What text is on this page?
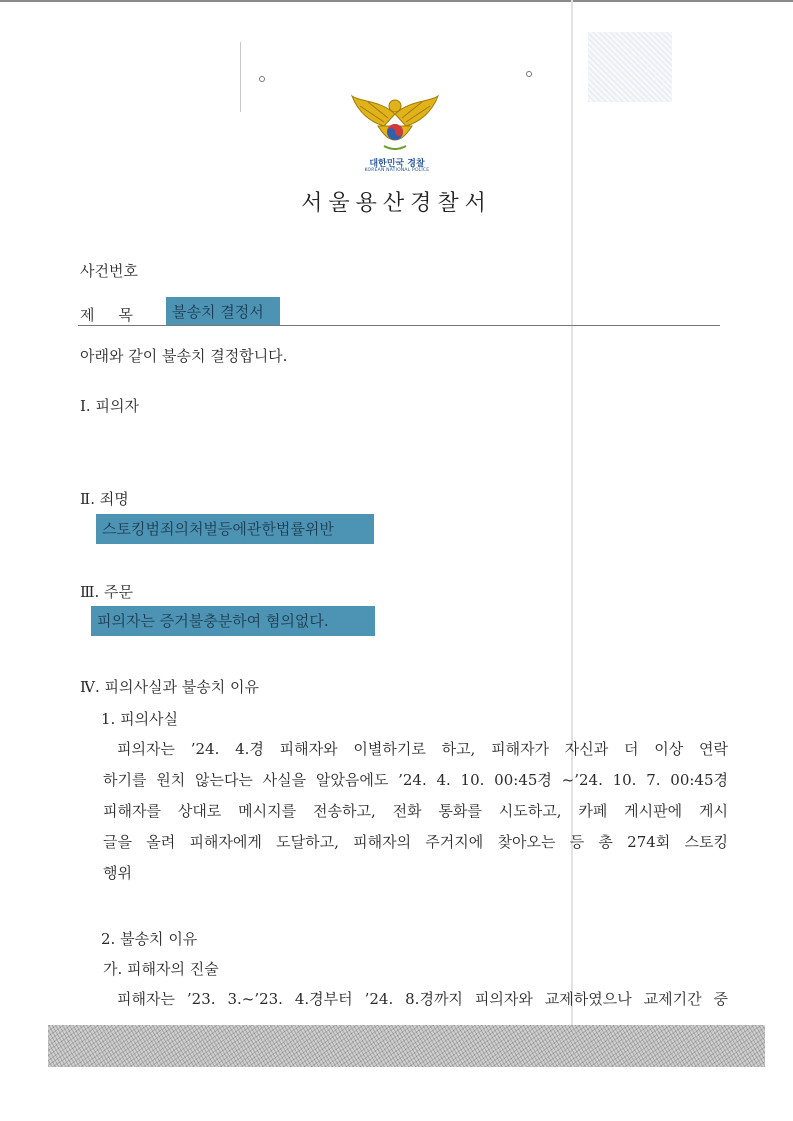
대한민국 경찰
KOREAN NATIONAL POLICE
서울용산경찰서
사건번호
제     목	불송치 결정서
아래와 같이 불송치 결정합니다.
Ⅰ. 피의자
Ⅱ. 죄명
스토킹범죄의처벌등에관한법률위반
Ⅲ. 주문
피의자는 증거불충분하여 혐의없다.
Ⅳ. 피의사실과 불송치 이유
1. 피의사실
피의자는 ’24. 4.경 피해자와 이별하기로 하고, 피해자가 자신과 더 이상 연락
하기를 원치 않는다는 사실을 알았음에도 ’24. 4. 10. 00:45경 ~’24. 10. 7. 00:45경
피해자를 상대로 메시지를 전송하고, 전화 통화를 시도하고, 카페 게시판에 게시
글을 올려 피해자에게 도달하고, 피해자의 주거지에 찾아오는 등 총 274회 스토킹
행위
2. 불송치 이유
가. 피해자의 진술
피해자는 ’23. 3.~’23. 4.경부터 ’24. 8.경까지 피의자와 교제하였으나 교제기간 중
